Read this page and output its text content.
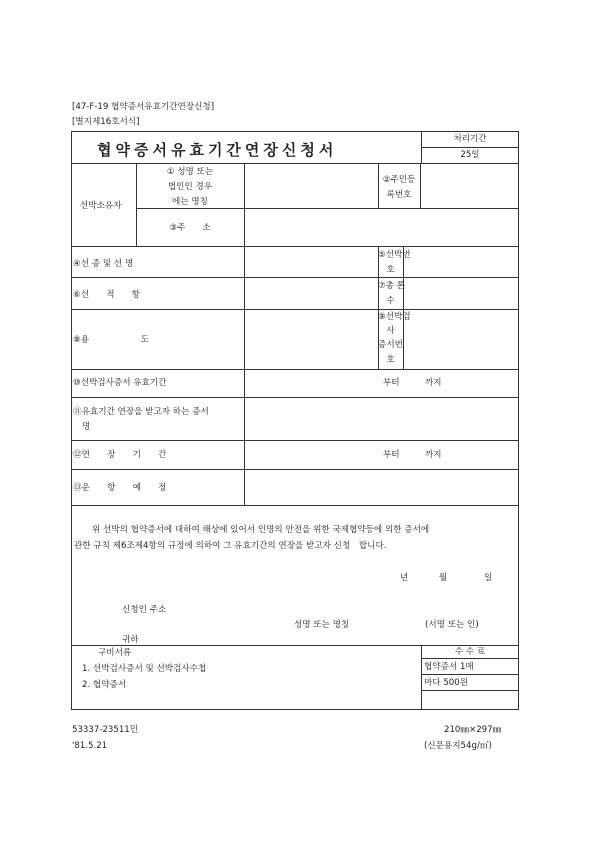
[47-F-19 협약증서유효기간연장신청]
[별지제16호서식]
협약증서유효기간연장신청서
처리기간
25일
선박소유자
① 성명 또는
법인인 경우
에는 명칭
②주민등
록번호
③주　　소
④선 종 및 선 명
⑤선박번
호
⑥선　　적　　항
⑦총 톤
수
⑧용　　　　　　도
⑨선박검
사
증서번
호
⑩선박검사증서 유효기간	부터	까지
⑪유효기간 연장을 받고자 하는 증서
명
⑫연　　장　　기　　간	부터	까지
⑬운　　항　　예　　정
위 선박의 협약증서에 대하여 해상에 있어서 인명의 안전을 위한 국제협약등에 의한 증서에
관한 규칙 제6조제4항의 규정에 의하여 그 유효기간의 연장을 받고자 신청　합니다.
년	월	일
신청인 주소
성명 또는 명칭	(서명 또는 인)
귀하
구비서류
1. 선박검사증서 및 선박검사수첩
2. 협약증서
수 수 료
협약증서 1매
마다 500원
53337-23511민
'81.5.21
210㎜×297㎜
(신문용지54g/㎡)
